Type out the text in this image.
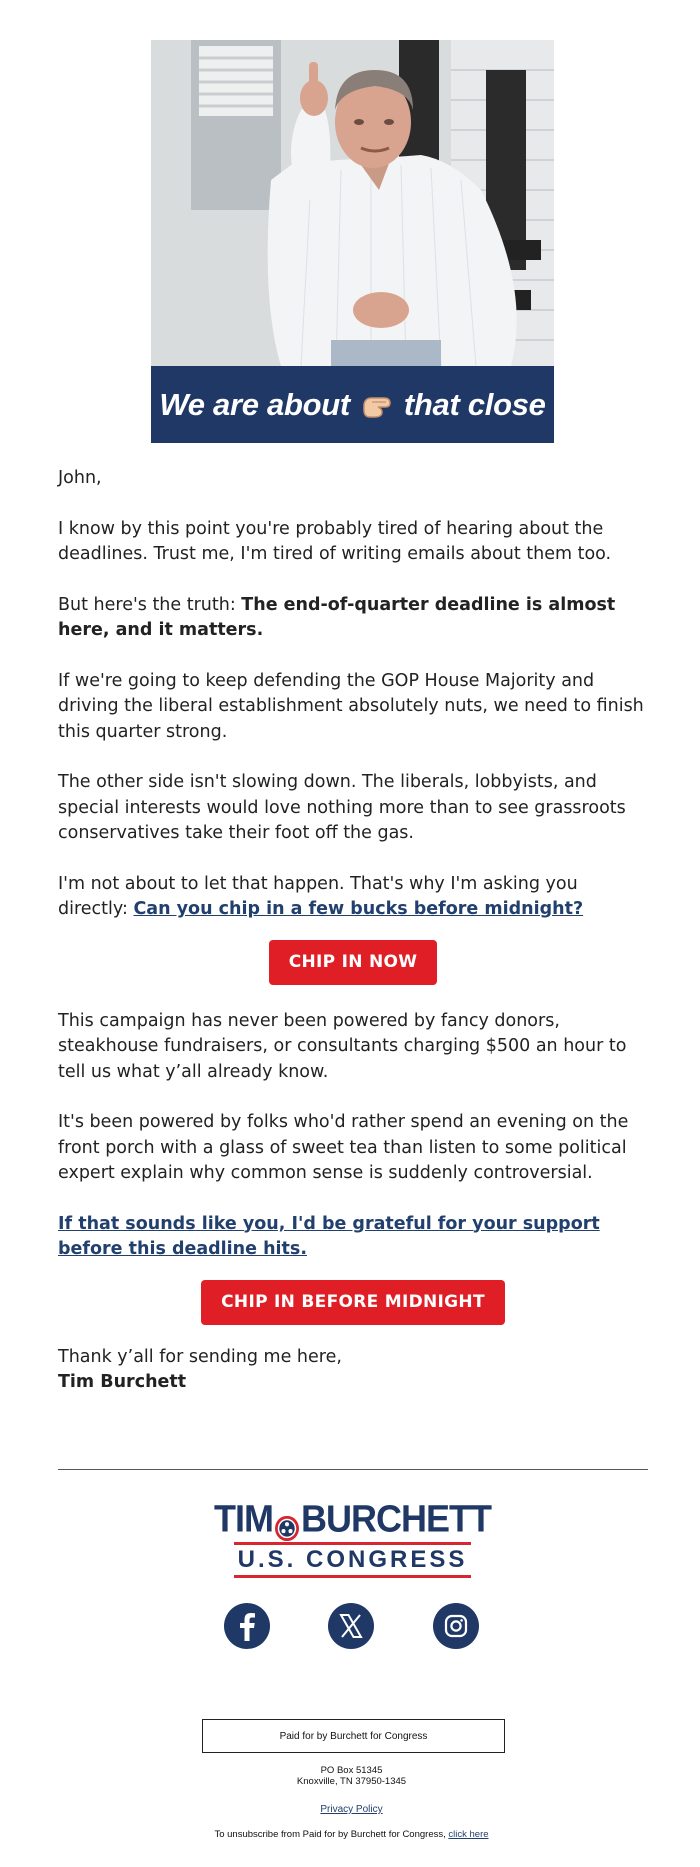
We are about that close

John,

I know by this point you're probably tired of hearing about the deadlines. Trust me, I'm tired of writing emails about them too.

But here's the truth: The end-of-quarter deadline is almost here, and it matters.

If we're going to keep defending the GOP House Majority and driving the liberal establishment absolutely nuts, we need to finish this quarter strong.

The other side isn't slowing down. The liberals, lobbyists, and special interests would love nothing more than to see grassroots conservatives take their foot off the gas.

I'm not about to let that happen. That's why I'm asking you directly: Can you chip in a few bucks before midnight?

CHIP IN NOW

This campaign has never been powered by fancy donors, steakhouse fundraisers, or consultants charging $500 an hour to tell us what y’all already know.

It's been powered by folks who'd rather spend an evening on the front porch with a glass of sweet tea than listen to some political expert explain why common sense is suddenly controversial.

If that sounds like you, I'd be grateful for your support before this deadline hits.

CHIP IN BEFORE MIDNIGHT

Thank y’all for sending me here,

Tim Burchett

TIM BURCHETT
U.S. CONGRESS
Paid for by Burchett for Congress
PO Box 51345
Knoxville, TN 37950-1345
Privacy Policy
To unsubscribe from Paid for by Burchett for Congress, click here
